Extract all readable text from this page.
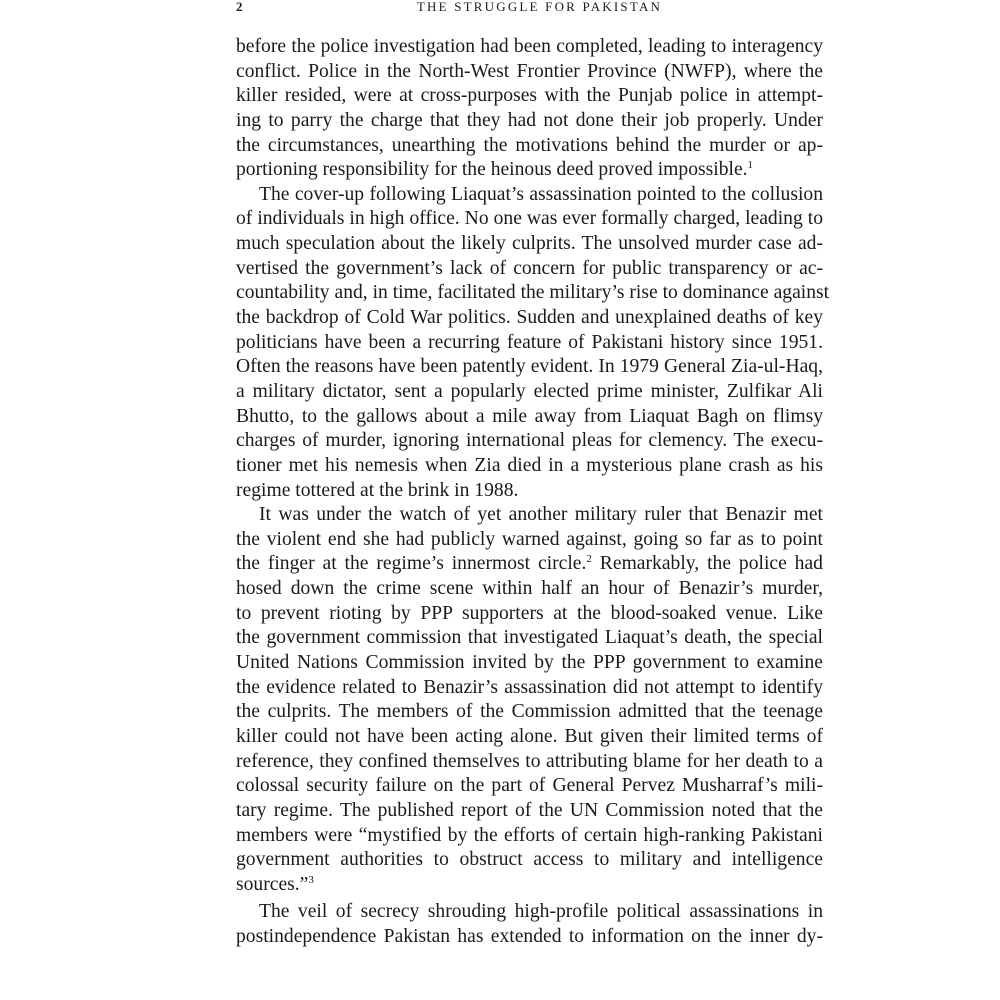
2	THE STRUGGLE FOR PAKISTAN

before the police investigation had been completed, leading to interagency
conflict. Police in the North-West Frontier Province (NWFP), where the
killer resided, were at cross-purposes with the Punjab police in attempt-
ing to parry the charge that they had not done their job properly. Under
the circumstances, unearthing the motivations behind the murder or ap-
portioning responsibility for the heinous deed proved impossible.$^1$

The cover-up following Liaquat’s assassination pointed to the collusion
of individuals in high office. No one was ever formally charged, leading to
much speculation about the likely culprits. The unsolved murder case ad-
vertised the government’s lack of concern for public transparency or ac-
countability and, in time, facilitated the military’s rise to dominance against
the backdrop of Cold War politics. Sudden and unexplained deaths of key
politicians have been a recurring feature of Pakistani history since 1951.
Often the reasons have been patently evident. In 1979 General Zia-ul-Haq,
a military dictator, sent a popularly elected prime minister, Zulfikar Ali
Bhutto, to the gallows about a mile away from Liaquat Bagh on flimsy
charges of murder, ignoring international pleas for clemency. The execu-
tioner met his nemesis when Zia died in a mysterious plane crash as his
regime tottered at the brink in 1988.

It was under the watch of yet another military ruler that Benazir met
the violent end she had publicly warned against, going so far as to point
the finger at the regime’s innermost circle.$^2$ Remarkably, the police had
hosed down the crime scene within half an hour of Benazir’s murder,
to prevent rioting by PPP supporters at the blood-soaked venue. Like
the government commission that investigated Liaquat’s death, the special
United Nations Commission invited by the PPP government to examine
the evidence related to Benazir’s assassination did not attempt to identify
the culprits. The members of the Commission admitted that the teenage
killer could not have been acting alone. But given their limited terms of
reference, they confined themselves to attributing blame for her death to a
colossal security failure on the part of General Pervez Musharraf’s mili-
tary regime. The published report of the UN Commission noted that the
members were “mystified by the efforts of certain high-ranking Pakistani
government authorities to obstruct access to military and intelligence
sources.”$^3$

The veil of secrecy shrouding high-profile political assassinations in
postindependence Pakistan has extended to information on the inner dy-
